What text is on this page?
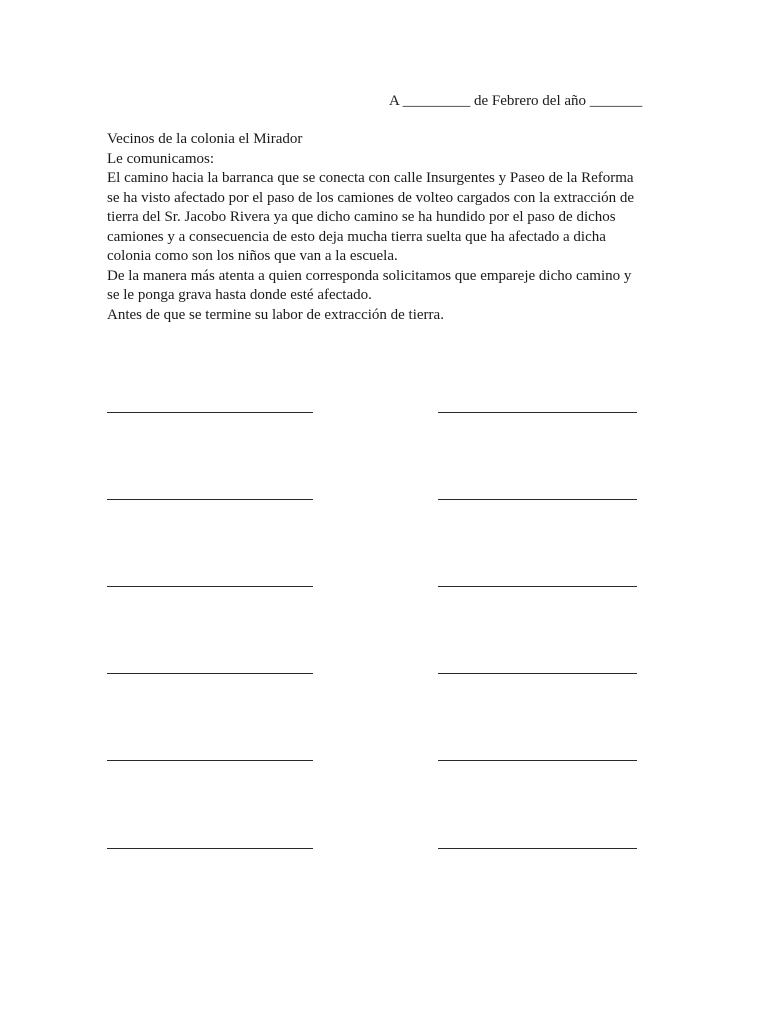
A _________ de Febrero del año _______

Vecinos de la colonia el Mirador

Le comunicamos:

El camino hacia la barranca que se conecta con calle Insurgentes y Paseo de la Reforma se ha visto afectado por el paso de los camiones de volteo cargados con la extracción de tierra del Sr. Jacobo Rivera ya que dicho camino se ha hundido por el paso de dichos camiones y a consecuencia de esto deja mucha tierra suelta que ha afectado a dicha colonia como son los niños que van a la escuela.

De la manera más atenta a quien corresponda solicitamos que empareje dicho camino y se le ponga grava hasta donde esté afectado.

Antes de que se termine su labor de extracción de tierra.
